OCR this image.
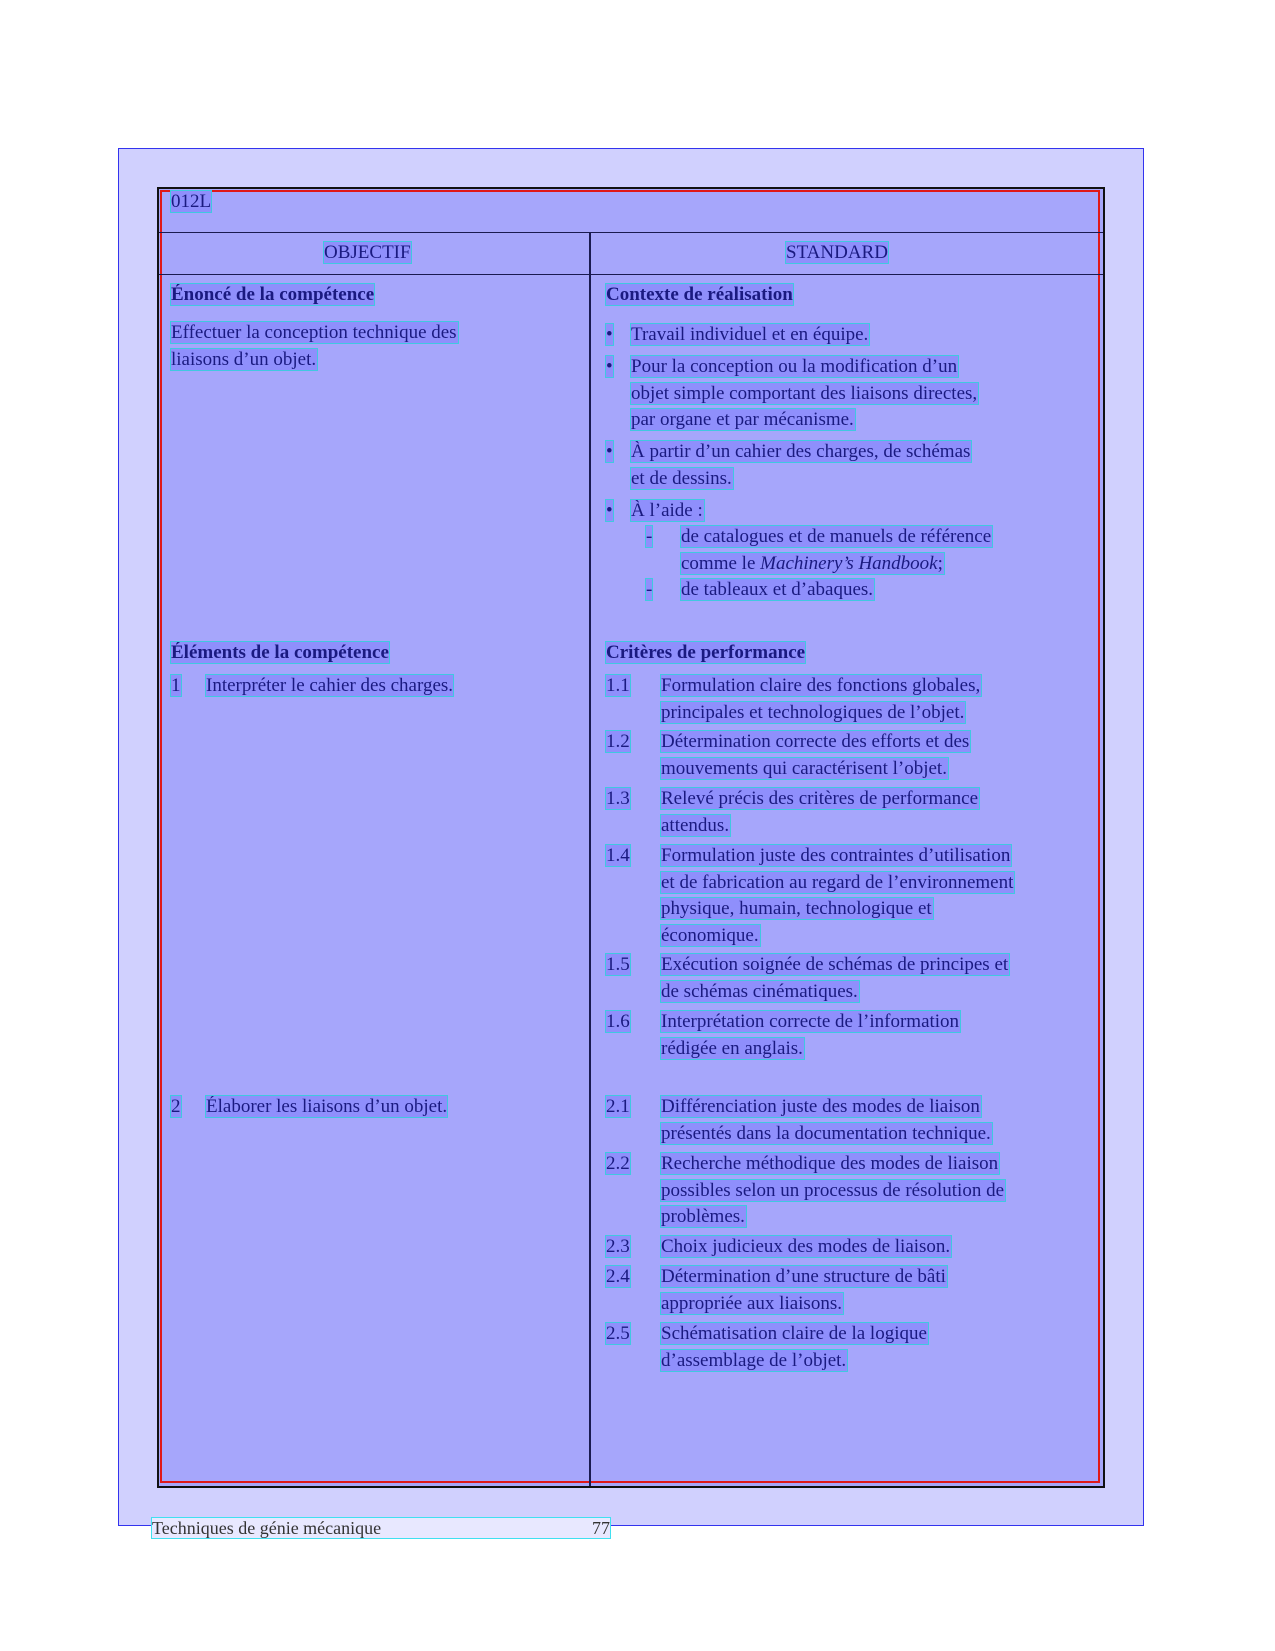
012L
OBJECTIF	STANDARD
Énoncé de la compétence
Effectuer la conception technique des
liaisons d’un objet.
Contexte de réalisation
• Travail individuel et en équipe.
• Pour la conception ou la modification d’un
objet simple comportant des liaisons directes,
par organe et par mécanisme.
• À partir d’un cahier des charges, de schémas
et de dessins.
• À l’aide :
- de catalogues et de manuels de référence
comme le Machinery’s Handbook;
- de tableaux et d’abaques.
Éléments de la compétence
1 Interpréter le cahier des charges.
2 Élaborer les liaisons d’un objet.
Critères de performance
1.1 Formulation claire des fonctions globales,
principales et technologiques de l’objet.
1.2 Détermination correcte des efforts et des
mouvements qui caractérisent l’objet.
1.3 Relevé précis des critères de performance
attendus.
1.4 Formulation juste des contraintes d’utilisation
et de fabrication au regard de l’environnement
physique, humain, technologique et
économique.
1.5 Exécution soignée de schémas de principes et
de schémas cinématiques.
1.6 Interprétation correcte de l’information
rédigée en anglais.
2.1 Différenciation juste des modes de liaison
présentés dans la documentation technique.
2.2 Recherche méthodique des modes de liaison
possibles selon un processus de résolution de
problèmes.
2.3 Choix judicieux des modes de liaison.
2.4 Détermination d’une structure de bâti
appropriée aux liaisons.
2.5 Schématisation claire de la logique
d’assemblage de l’objet.
Techniques de génie mécanique	77
